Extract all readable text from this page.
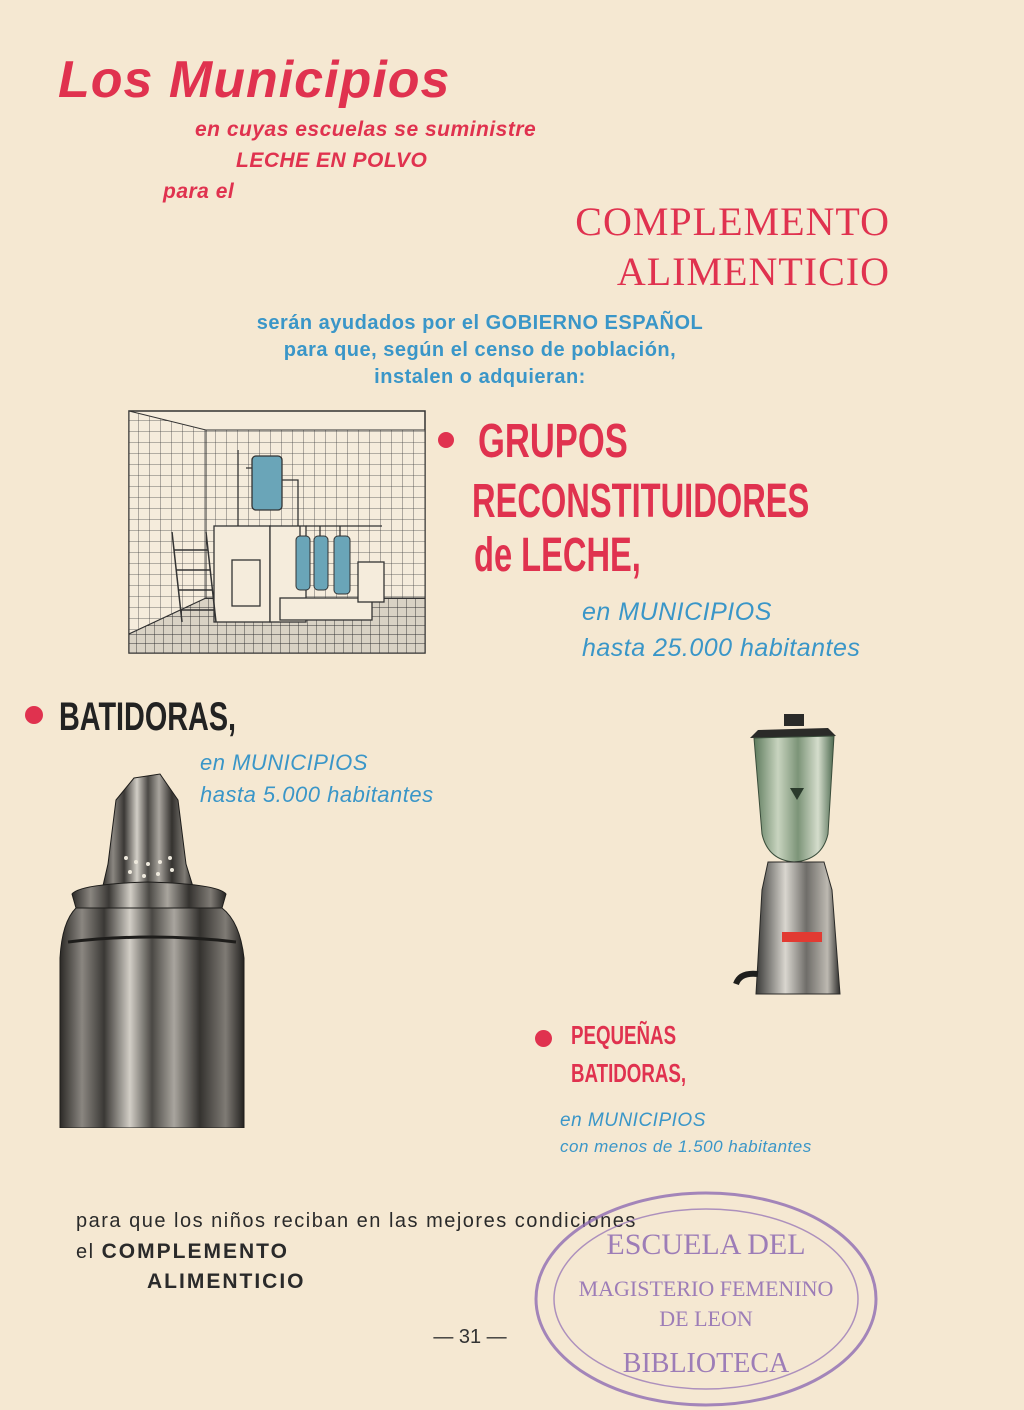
Los Municipios
en cuyas escuelas se suministre
LECHE EN POLVO
para el
COMPLEMENTO
ALIMENTICIO
serán ayudados por el GOBIERNO ESPAÑOL
para que, según el censo de población,
instalen o adquieran:
GRUPOS
RECONSTITUIDORES
de LECHE,
en MUNICIPIOS
hasta 25.000 habitantes
BATIDORAS,
en MUNICIPIOS
hasta 5.000 habitantes
PEQUEÑAS
BATIDORAS,
en MUNICIPIOS
con menos de 1.500 habitantes
para que los niños reciban en las mejores condiciones
el COMPLEMENTO
ALIMENTICIO
— 31 —
ESCUELA DEL
MAGISTERIO FEMENINO
DE LEON
BIBLIOTECA
